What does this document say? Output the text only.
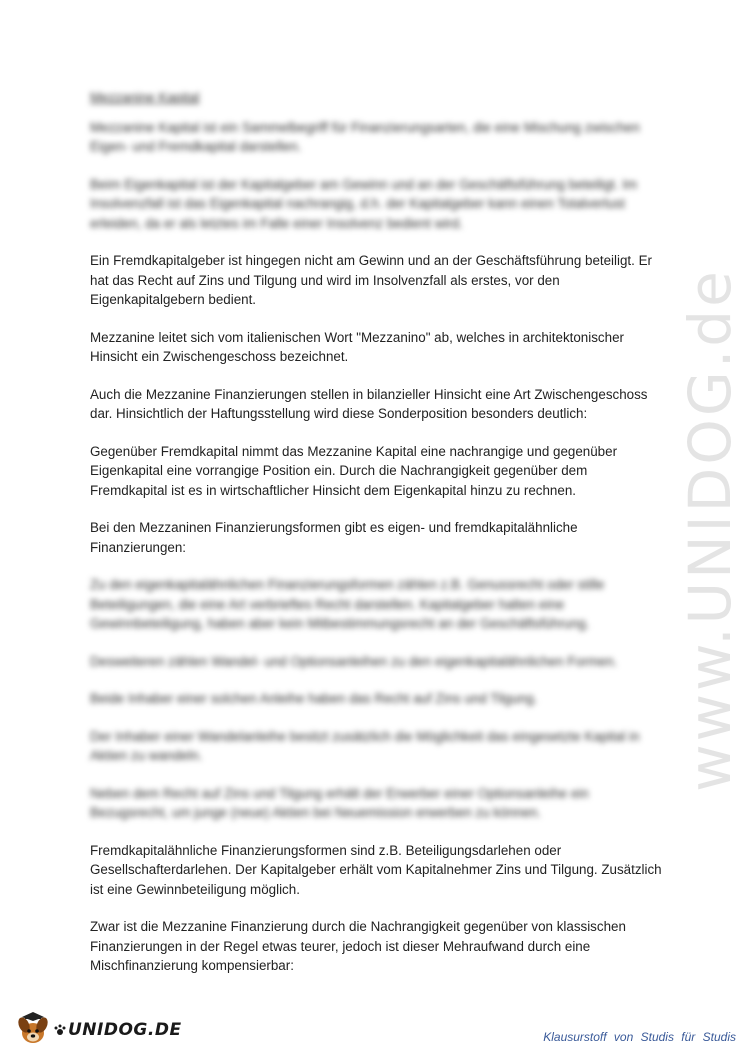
www.UNIDOG.de
Mezzanine Kapital

Mezzanine Kapital ist ein Sammelbegriff für Finanzierungsarten, die eine Mischung zwischen Eigen- und Fremdkapital darstellen.

Beim Eigenkapital ist der Kapitalgeber am Gewinn und an der Geschäftsführung beteiligt. Im Insolvenzfall ist das Eigenkapital nachrangig, d.h. der Kapitalgeber kann einen Totalverlust erleiden, da er als letztes im Falle einer Insolvenz bedient wird.

Ein Fremdkapitalgeber ist hingegen nicht am Gewinn und an der Geschäftsführung beteiligt. Er hat das Recht auf Zins und Tilgung und wird im Insolvenzfall als erstes, vor den Eigenkapitalgebern bedient.

Mezzanine leitet sich vom italienischen Wort "Mezzanino" ab, welches in architektonischer Hinsicht ein Zwischengeschoss bezeichnet.

Auch die Mezzanine Finanzierungen stellen in bilanzieller Hinsicht eine Art Zwischengeschoss dar. Hinsichtlich der Haftungsstellung wird diese Sonderposition besonders deutlich:

Gegenüber Fremdkapital nimmt das Mezzanine Kapital eine nachrangige und gegenüber Eigenkapital eine vorrangige Position ein. Durch die Nachrangigkeit gegenüber dem Fremdkapital ist es in wirtschaftlicher Hinsicht dem Eigenkapital hinzu zu rechnen.

Bei den Mezzaninen Finanzierungsformen gibt es eigen- und fremdkapitalähnliche Finanzierungen:

Zu den eigenkapitalähnlichen Finanzierungsformen zählen z.B. Genussrecht oder stille Beteiligungen, die eine Art verbrieftes Recht darstellen. Kapitalgeber halten eine Gewinnbeteiligung, haben aber kein Mitbestimmungsrecht an der Geschäftsführung.

Desweiteren zählen Wandel- und Optionsanleihen zu den eigenkapitalähnlichen Formen.

Beide Inhaber einer solchen Anleihe haben das Recht auf Zins und Tilgung.

Der Inhaber einer Wandelanleihe besitzt zusätzlich die Möglichkeit das eingesetzte Kapital in Aktien zu wandeln.

Neben dem Recht auf Zins und Tilgung erhält der Erwerber einer Optionsanleihe ein Bezugsrecht, um junge (neue) Aktien bei Neuemission erwerben zu können.

Fremdkapitalähnliche Finanzierungsformen sind z.B. Beteiligungsdarlehen oder Gesellschafterdarlehen. Der Kapitalgeber erhält vom Kapitalnehmer Zins und Tilgung. Zusätzlich ist eine Gewinnbeteiligung möglich.

Zwar ist die Mezzanine Finanzierung durch die Nachrangigkeit gegenüber von klassischen Finanzierungen in der Regel etwas teurer, jedoch ist dieser Mehraufwand durch eine Mischfinanzierung kompensierbar:

UNIDOG.DE	Klausurstoff von Studis für Studis
